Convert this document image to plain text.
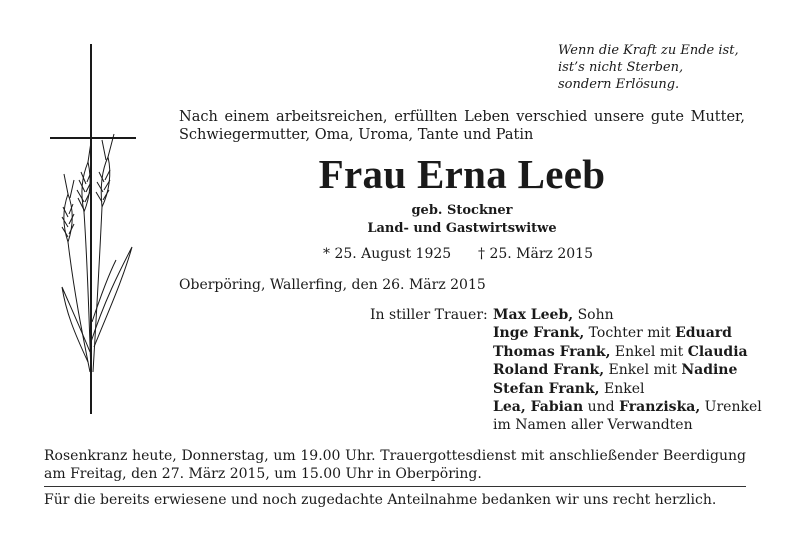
Wenn die Kraft zu Ende ist,
ist’s nicht Sterben,
sondern Erlösung.
Nach einem arbeitsreichen, erfüllten Leben verschied unsere gute Mutter, Schwiegermutter, Oma, Uroma, Tante und Patin
Frau Erna Leeb
geb. Stockner
Land- und Gastwirtswitwe
* 25. August 1925 † 25. März 2015
Oberpöring, Wallerfing, den 26. März 2015
In stiller Trauer: Max Leeb, Sohn
Inge Frank, Tochter mit Eduard
Thomas Frank, Enkel mit Claudia
Roland Frank, Enkel mit Nadine
Stefan Frank, Enkel
Lea, Fabian und Franziska, Urenkel
im Namen aller Verwandten
Rosenkranz heute, Donnerstag, um 19.00 Uhr. Trauergottesdienst mit anschließender Beerdigung am Freitag, den 27. März 2015, um 15.00 Uhr in Oberpöring.
Für die bereits erwiesene und noch zugedachte Anteilnahme bedanken wir uns recht herzlich.
